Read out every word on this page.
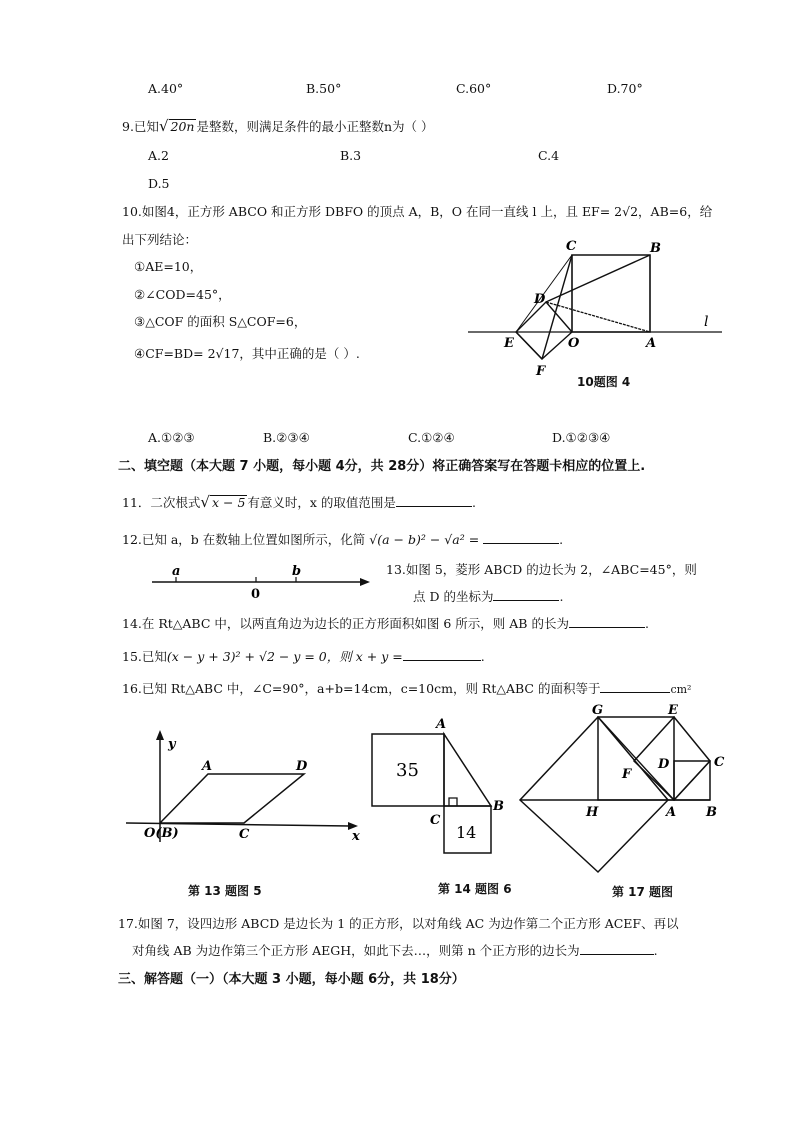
A.40°	B.50°	C.60°	D.70°
9.已知√ 20n 是整数，则满足条件的最小正整数n为（ ）
A.2	B.3	C.4
D.5
10.如图4，正方形 ABCO 和正方形 DBFO 的顶点 A，B，O 在同一直线 l 上，且 EF= 2√2，AB=6，给
出下列结论：
①AE=10，
②∠COD=45°，
③△COF 的面积 S△COF=6，
④CF=BD= 2√17，其中正确的是（ ）.
C	B
D
E	O	A
F
l
10题图 4
A.①②③	B.②③④	C.①②④	D.①②③④
二、填空题（本大题 7 小题，每小题 4分，共 28分）将正确答案写在答题卡相应的位置上.
11．二次根式√ x − 5 有意义时，x 的取值范围是	.
12.已知 a，b 在数轴上位置如图所示，化简 √(a − b)² − √a² =	.
a	b
0
13.如图 5，菱形 ABCD 的边长为 2，∠ABC=45°，则
点 D 的坐标为	.
14.在 Rt△ABC 中，以两直角边为边长的正方形面积如图 6 所示，则 AB 的长为	.
15.已知(x − y + 3)² + √2 − y = 0，则 x + y =	.
16.已知 Rt△ABC 中，∠C=90°，a+b=14cm，c=10cm，则 Rt△ABC 的面积等于	cm²
y
x
A	D
O(B)	C
第 13 题图 5
A
B
C
35
14
第 14 题图 6
G	E
F
D	C
H	A B
第 17 题图
17.如图 7，设四边形 ABCD 是边长为 1 的正方形，以对角线 AC 为边作第二个正方形 ACEF、再以
对角线 AB 为边作第三个正方形 AEGH，如此下去…，则第 n 个正方形的边长为	.
三、解答题（一）（本大题 3 小题，每小题 6分，共 18分）
